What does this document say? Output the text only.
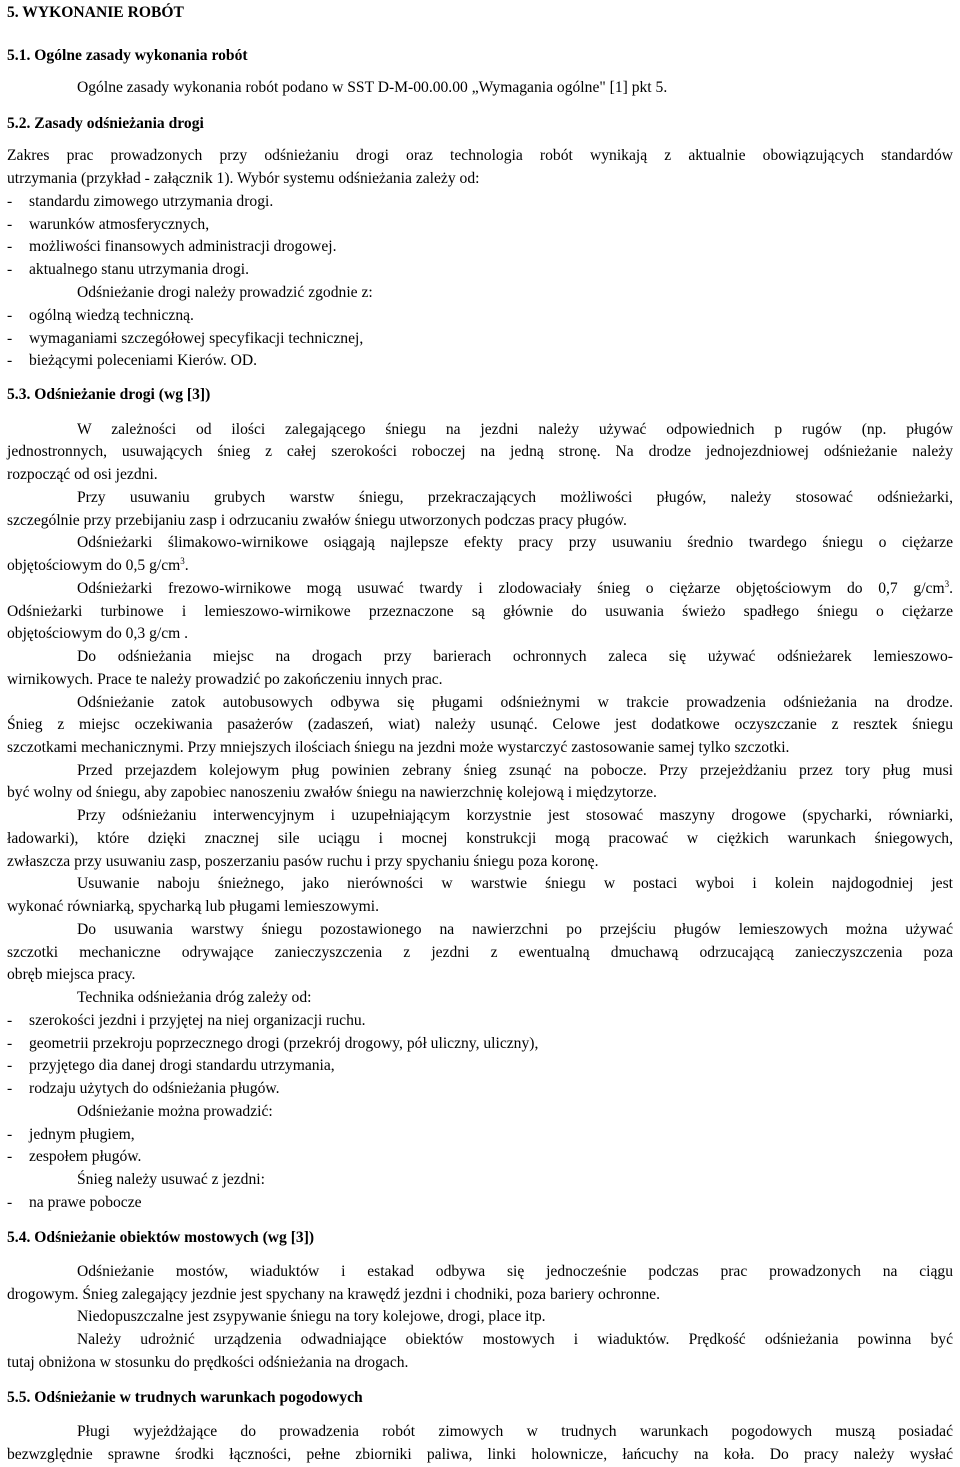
5. WYKONANIE ROBÓT
5.1. Ogólne zasady wykonania robót
Ogólne zasady wykonania robót podano w SST D-M-00.00.00 „Wymagania ogólne" [1] pkt 5.
5.2. Zasady odśnieżania drogi
Zakres prac prowadzonych przy odśnieżaniu drogi oraz technologia robót wynikają z aktualnie obowiązujących standardów
utrzymania (przykład - załącznik 1). Wybór systemu odśnieżania zależy od:
- standardu zimowego utrzymania drogi.
- warunków atmosferycznych,
- możliwości finansowych administracji drogowej.
- aktualnego stanu utrzymania drogi.
Odśnieżanie drogi należy prowadzić zgodnie z:
- ogólną wiedzą techniczną.
- wymaganiami szczegółowej specyfikacji technicznej,
- bieżącymi poleceniami Kierów. OD.
5.3. Odśnieżanie drogi (wg [3])
W zależności od ilości zalegającego śniegu na jezdni należy używać odpowiednich p rugów (np. pługów
jednostronnych, usuwających śnieg z całej szerokości roboczej na jedną stronę. Na drodze jednojezdniowej odśnieżanie należy
rozpocząć od osi jezdni.
Przy usuwaniu grubych warstw śniegu, przekraczających możliwości pługów, należy stosować odśnieżarki,
szczególnie przy przebijaniu zasp i odrzucaniu zwałów śniegu utworzonych podczas pracy pługów.
Odśnieżarki ślimakowo-wirnikowe osiągają najlepsze efekty pracy przy usuwaniu średnio twardego śniegu o ciężarze
objętościowym do 0,5 $g/cm^3$.
Odśnieżarki frezowo-wirnikowe mogą usuwać twardy i zlodowaciały śnieg o ciężarze objętościowym do 0,7 $g/cm^3$.
Odśnieżarki turbinowe i lemieszowo-wirnikowe przeznaczone są głównie do usuwania świeżo spadłego śniegu o ciężarze
objętościowym do 0,3 g/cm .
Do odśnieżania miejsc na drogach przy barierach ochronnych zaleca się używać odśnieżarek lemieszowo-
wirnikowych. Prace te należy prowadzić po zakończeniu innych prac.
Odśnieżanie zatok autobusowych odbywa się pługami odśnieżnymi w trakcie prowadzenia odśnieżania na drodze.
Śnieg z miejsc oczekiwania pasażerów (zadaszeń, wiat) należy usunąć. Celowe jest dodatkowe oczyszczanie z resztek śniegu
szczotkami mechanicznymi. Przy mniejszych ilościach śniegu na jezdni może wystarczyć zastosowanie samej tylko szczotki.
Przed przejazdem kolejowym pług powinien zebrany śnieg zsunąć na pobocze. Przy przejeżdżaniu przez tory pług musi
być wolny od śniegu, aby zapobiec nanoszeniu zwałów śniegu na nawierzchnię kolejową i międzytorze.
Przy odśnieżaniu interwencyjnym i uzupełniającym korzystnie jest stosować maszyny drogowe (spycharki, równiarki,
ładowarki), które dzięki znacznej sile uciągu i mocnej konstrukcji mogą pracować w ciężkich warunkach śniegowych,
zwłaszcza przy usuwaniu zasp, poszerzaniu pasów ruchu i przy spychaniu śniegu poza koronę.
Usuwanie naboju śnieżnego, jako nierówności w warstwie śniegu w postaci wyboi i kolein najdogodniej jest
wykonać równiarką, spycharką lub pługami lemieszowymi.
Do usuwania warstwy śniegu pozostawionego na nawierzchni po przejściu pługów lemieszowych można używać
szczotki mechaniczne odrywające zanieczyszczenia z jezdni z ewentualną dmuchawą odrzucającą zanieczyszczenia poza
obręb miejsca pracy.
Technika odśnieżania dróg zależy od:
- szerokości jezdni i przyjętej na niej organizacji ruchu.
- geometrii przekroju poprzecznego drogi (przekrój drogowy, pół uliczny, uliczny),
- przyjętego dia danej drogi standardu utrzymania,
- rodzaju użytych do odśnieżania pługów.
Odśnieżanie można prowadzić:
- jednym pługiem,
- zespołem pługów.
Śnieg należy usuwać z jezdni:
- na prawe pobocze
5.4. Odśnieżanie obiektów mostowych (wg [3])
Odśnieżanie mostów, wiaduktów i estakad odbywa się jednocześnie podczas prac prowadzonych na ciągu
drogowym. Śnieg zalegający jezdnie jest spychany na krawędź jezdni i chodniki, poza bariery ochronne.
Niedopuszczalne jest zsypywanie śniegu na tory kolejowe, drogi, place itp.
Należy udrożnić urządzenia odwadniające obiektów mostowych i wiaduktów. Prędkość odśnieżania powinna być
tutaj obniżona w stosunku do prędkości odśnieżania na drogach.
5.5. Odśnieżanie w trudnych warunkach pogodowych
Pługi wyjeżdżające do prowadzenia robót zimowych w trudnych warunkach pogodowych muszą posiadać
bezwzględnie sprawne środki łączności, pełne zbiorniki paliwa, linki holownicze, łańcuchy na koła. Do pracy należy wysłać
